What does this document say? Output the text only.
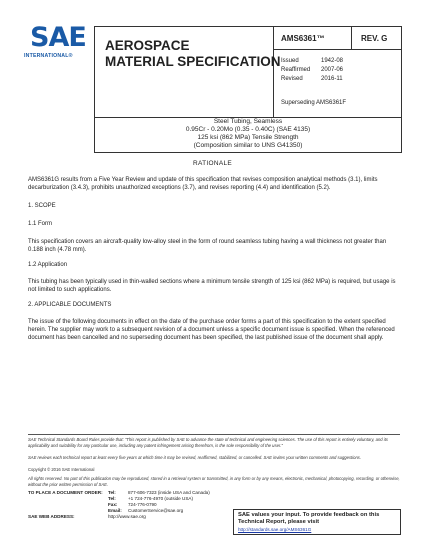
SAE
INTERNATIONAL®
AEROSPACE
MATERIAL SPECIFICATION
AMS6361™	REV. G
Issued	1942-08
Reaffirmed 2007-06
Revised	2016-11
Superseding AMS6361F
Steel Tubing, Seamless
0.95Cr - 0.20Mo (0.35 - 0.40C) (SAE 4135)
125 ksi (862 MPa) Tensile Strength
(Composition similar to UNS G41350)
RATIONALE
AMS6361G results from a Five Year Review and update of this specification that revises composition analytical methods (3.1), limits decarburization (3.4.3), prohibits unauthorized exceptions (3.7), and revises reporting (4.4) and identification (5.2).
1. SCOPE
1.1 Form
This specification covers an aircraft-quality low-alloy steel in the form of round seamless tubing having a wall thickness not greater than 0.188 inch (4.78 mm).
1.2 Application
This tubing has been typically used in thin-walled sections where a minimum tensile strength of 125 ksi (862 MPa) is required, but usage is not limited to such applications.
2. APPLICABLE DOCUMENTS
The issue of the following documents in effect on the date of the purchase order forms a part of this specification to the extent specified herein. The supplier may work to a subsequent revision of a document unless a specific document issue is specified. When the referenced document has been cancelled and no superseding document has been specified, the last published issue of the document shall apply.
SAE Technical Standards Board Rules provide that: "This report is published by SAE to advance the state of technical and engineering sciences. The use of this report is entirely voluntary, and its applicability and suitability for any particular use, including any patent infringement arising therefrom, is the sole responsibility of the user."
SAE reviews each technical report at least every five years at which time it may be revised, reaffirmed, stabilized, or cancelled. SAE invites your written comments and suggestions.
Copyright © 2016 SAE International
All rights reserved. No part of this publication may be reproduced, stored in a retrieval system or transmitted, in any form or by any means, electronic, mechanical, photocopying, recording, or otherwise, without the prior written permission of SAE.
TO PLACE A DOCUMENT ORDER: Tel:	877-606-7323 (inside USA and Canada)
Tel:	+1 724-776-4970 (outside USA)
Fax: 724-776-0790
Email: CustomerService@sae.org
SAE WEB ADDRESS:	http://www.sae.org	SAE values your input. To provide feedback on this Technical Report, please visit
http://standards.sae.org/AMS6361G
